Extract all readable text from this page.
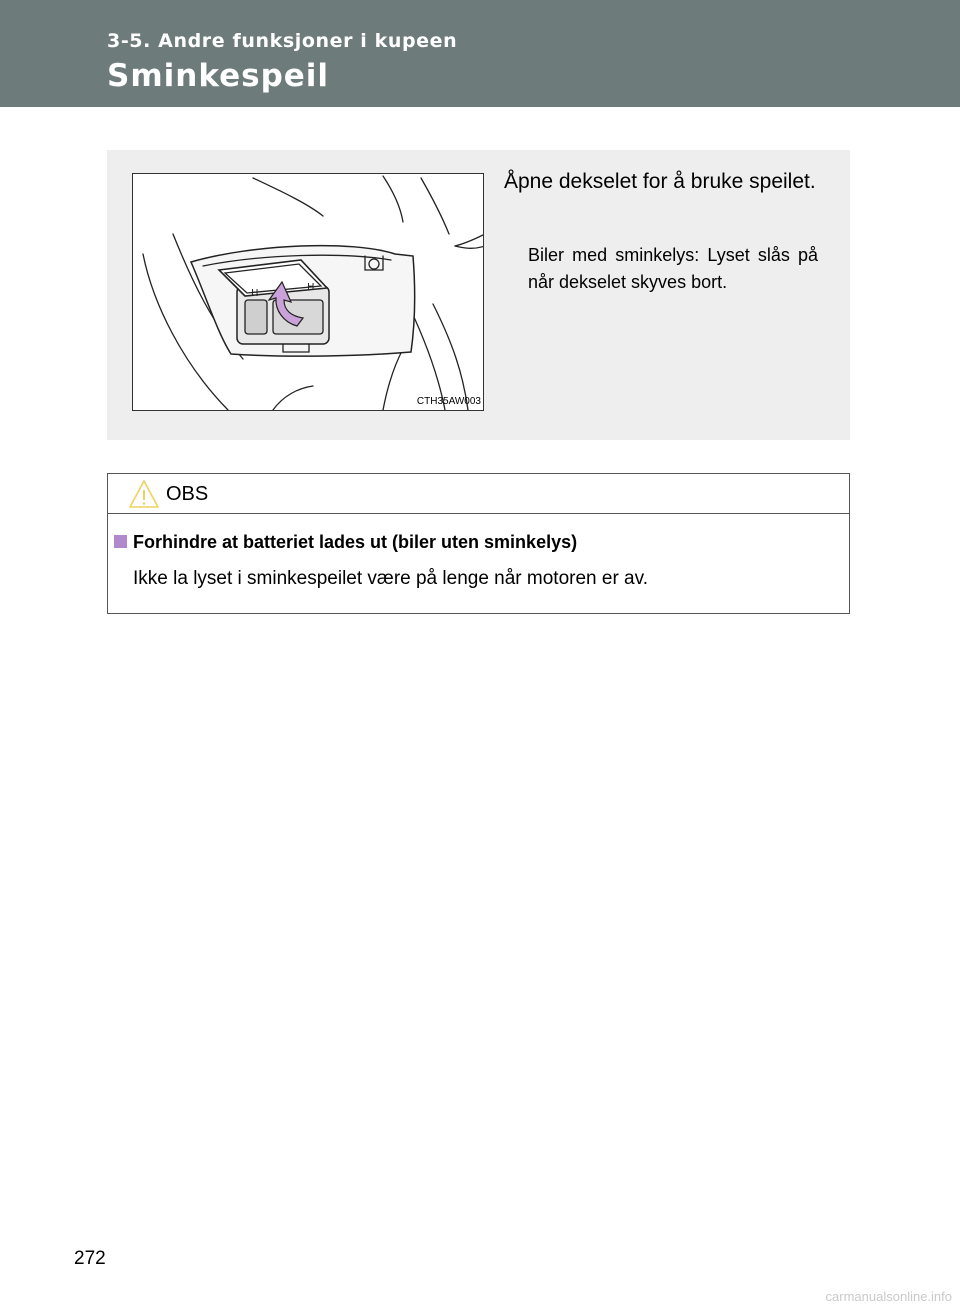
3-5. Andre funksjoner i kupeen
Sminkespeil
H
H
CTH35AW003
Åpne dekselet for å bruke speilet.
Biler med sminkelys: Lyset slås på når dekselet skyves bort.
OBS
Forhindre at batteriet lades ut (biler uten sminkelys)
Ikke la lyset i sminkespeilet være på lenge når motoren er av.
272
carmanualsonline.info
